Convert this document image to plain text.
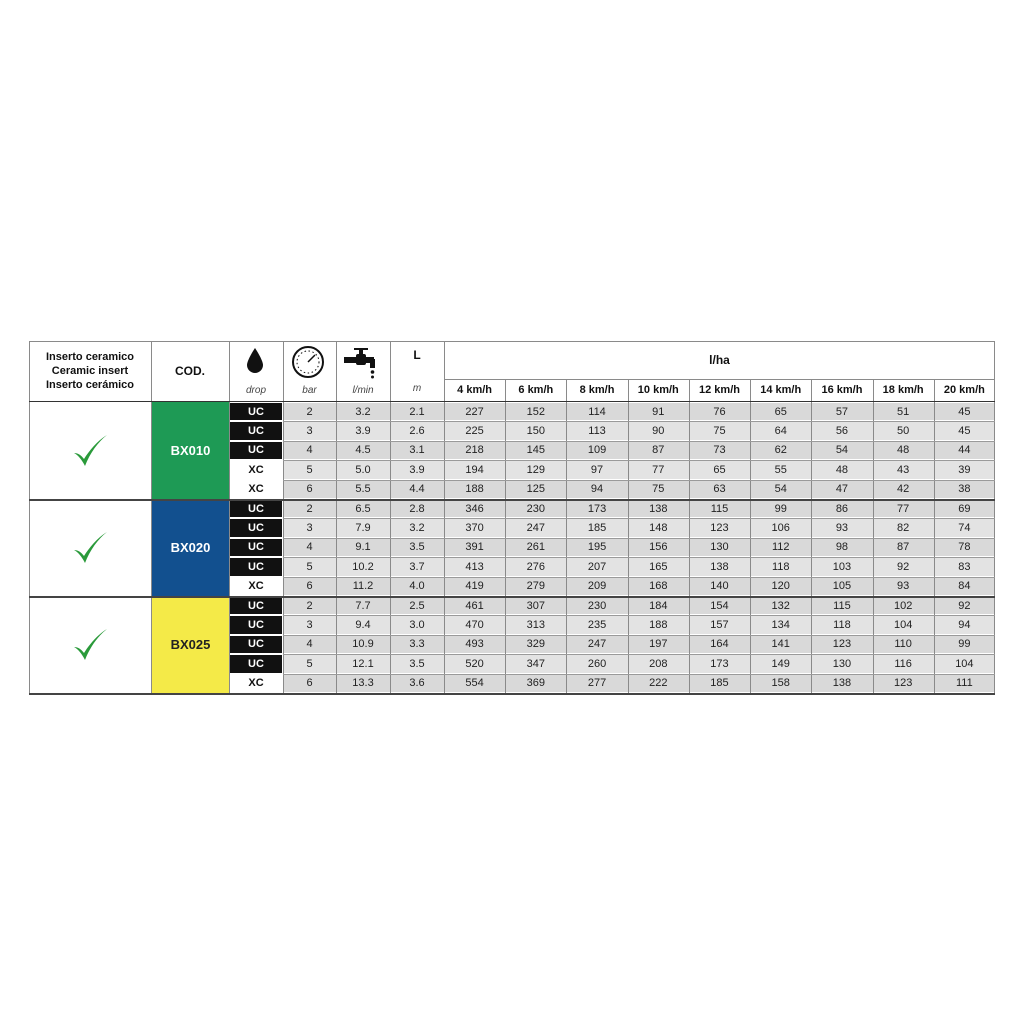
Inserto ceramico
Ceramic insert
Inserto cerámico
COD.
drop	bar	l/min
L
m
l/ha
4 km/h	6 km/h	8 km/h	10 km/h	12 km/h	14 km/h	16 km/h	18 km/h	20 km/h
BX010
UC	2	3.2	2.1	227	152	114	91	76	65	57	51	45
UC	3	3.9	2.6	225	150	113	90	75	64	56	50	45
UC	4	4.5	3.1	218	145	109	87	73	62	54	48	44
XC	5	5.0	3.9	194	129	97	77	65	55	48	43	39
XC	6	5.5	4.4	188	125	94	75	63	54	47	42	38
BX020
UC	2	6.5	2.8	346	230	173	138	115	99	86	77	69
UC	3	7.9	3.2	370	247	185	148	123	106	93	82	74
UC	4	9.1	3.5	391	261	195	156	130	112	98	87	78
UC	5	10.2	3.7	413	276	207	165	138	118	103	92	83
XC	6	11.2	4.0	419	279	209	168	140	120	105	93	84
BX025
UC	2	7.7	2.5	461	307	230	184	154	132	115	102	92
UC	3	9.4	3.0	470	313	235	188	157	134	118	104	94
UC	4	10.9	3.3	493	329	247	197	164	141	123	110	99
UC	5	12.1	3.5	520	347	260	208	173	149	130	116	104
XC	6	13.3	3.6	554	369	277	222	185	158	138	123	111
